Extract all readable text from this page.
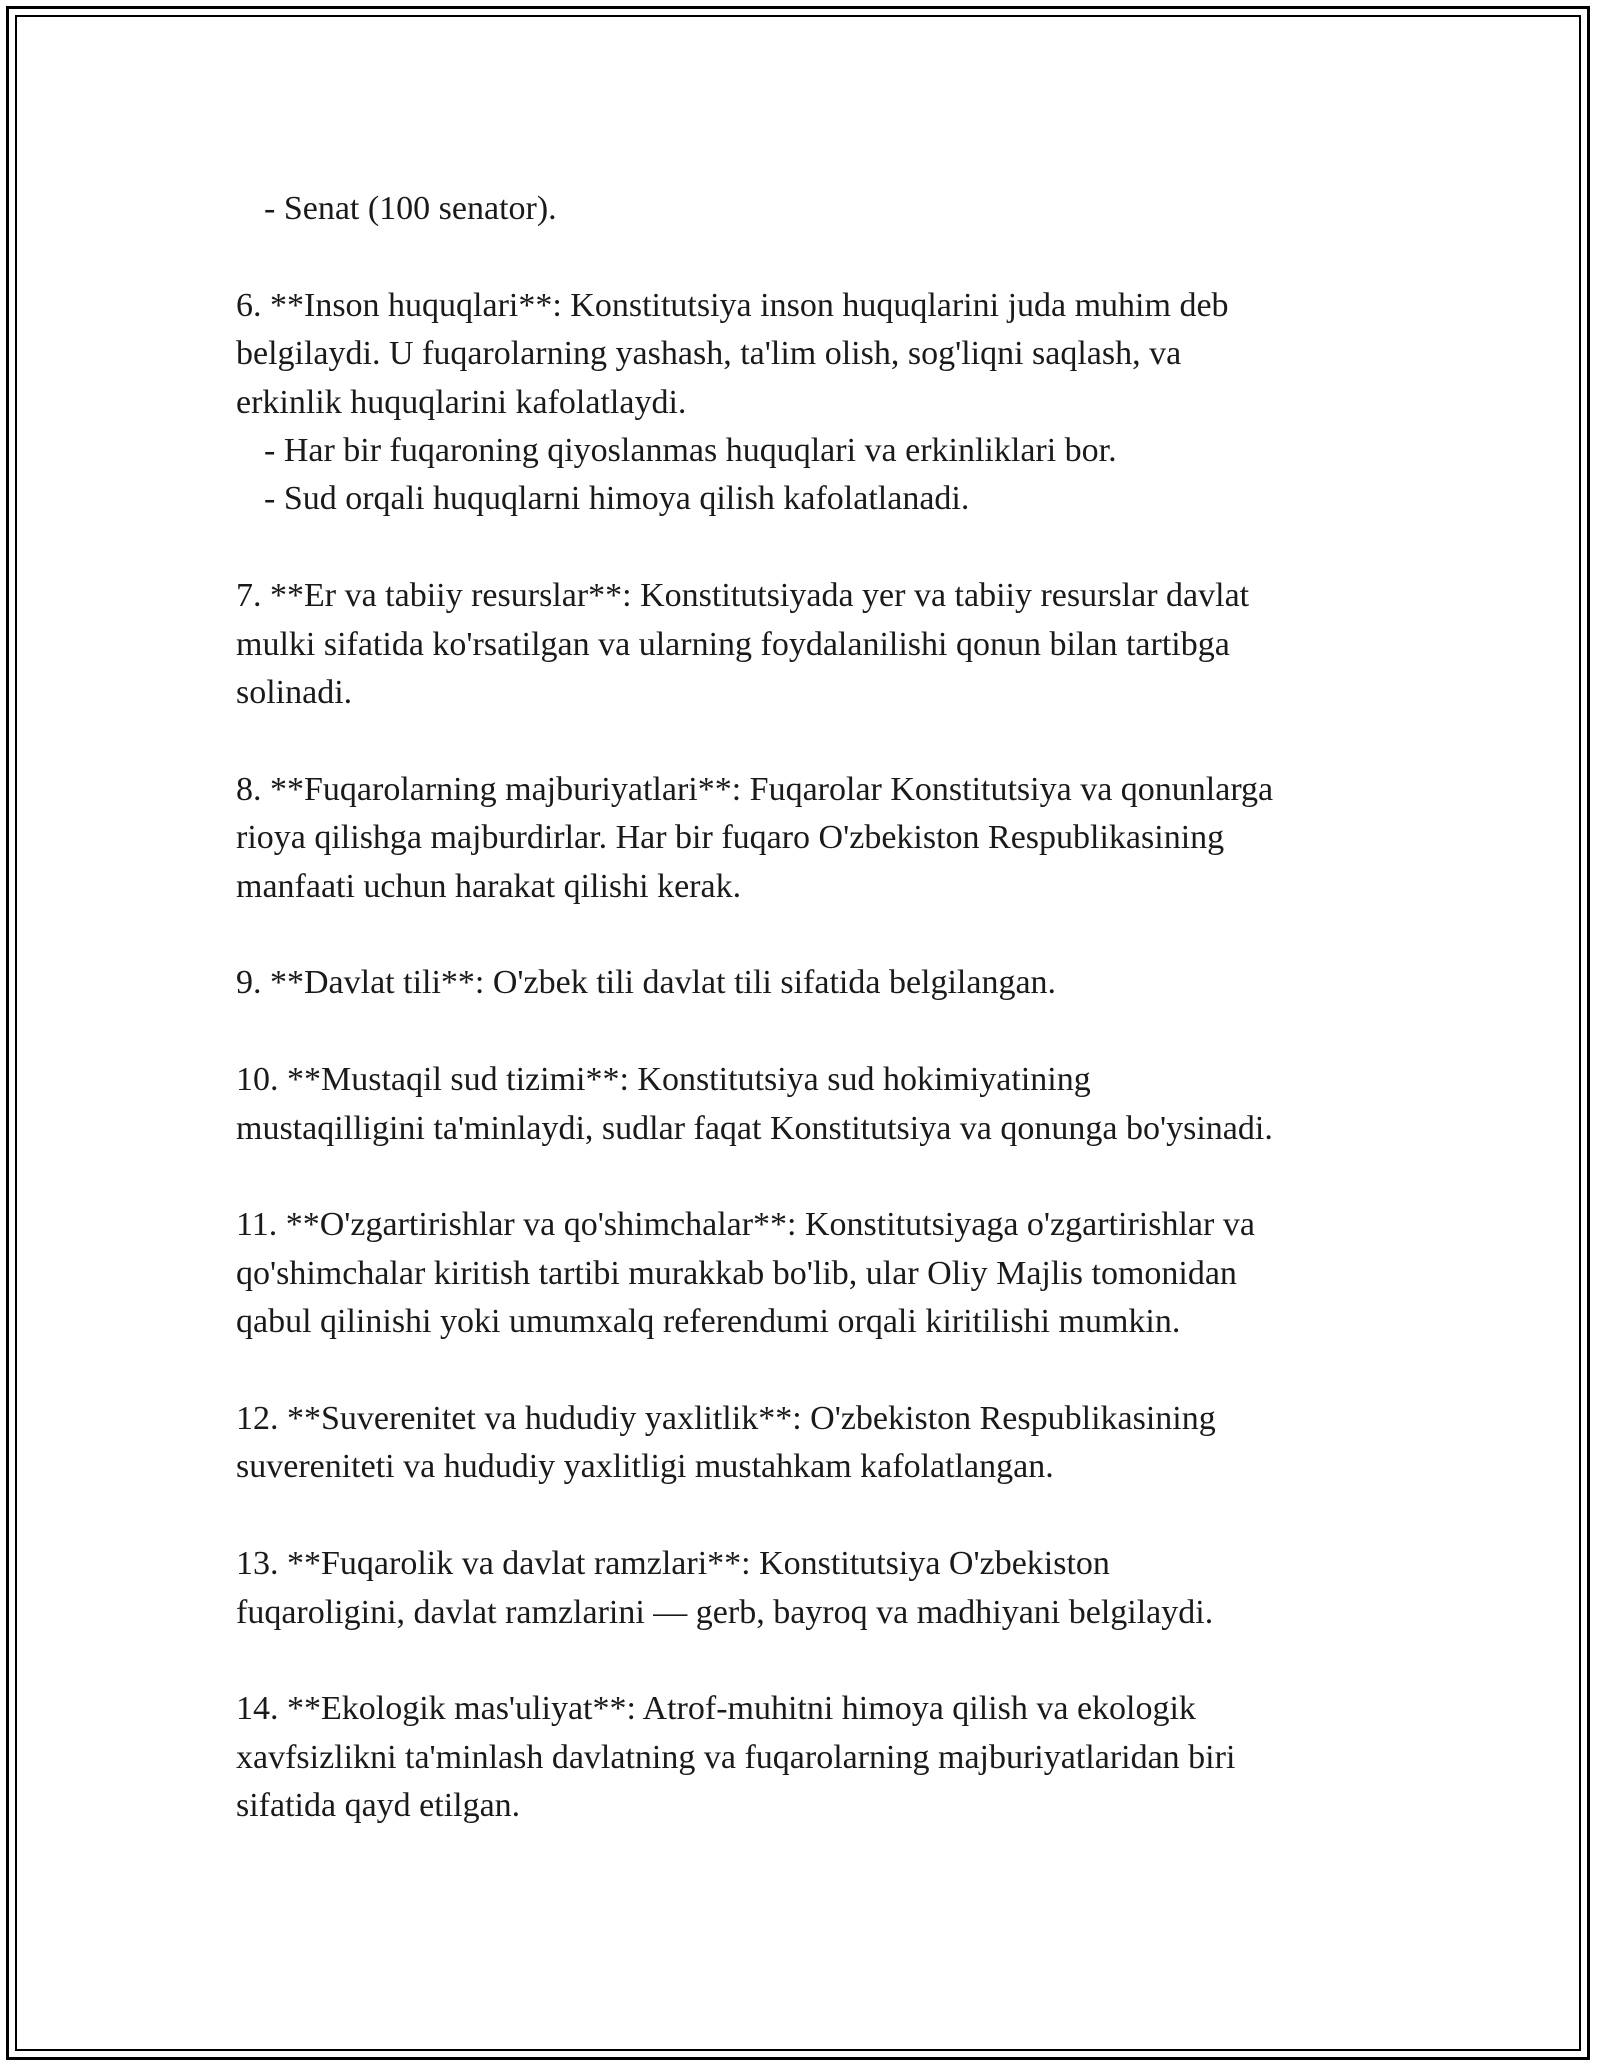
- Senat (100 senator).

6. **Inson huquqlari**: Konstitutsiya inson huquqlarini juda muhim deb
belgilaydi. U fuqarolarning yashash, ta'lim olish, sog'liqni saqlash, va
erkinlik huquqlarini kafolatlaydi.
- Har bir fuqaroning qiyoslanmas huquqlari va erkinliklari bor.
- Sud orqali huquqlarni himoya qilish kafolatlanadi.

7. **Er va tabiiy resurslar**: Konstitutsiyada yer va tabiiy resurslar davlat
mulki sifatida ko'rsatilgan va ularning foydalanilishi qonun bilan tartibga
solinadi.

8. **Fuqarolarning majburiyatlari**: Fuqarolar Konstitutsiya va qonunlarga
rioya qilishga majburdirlar. Har bir fuqaro O'zbekiston Respublikasining
manfaati uchun harakat qilishi kerak.

9. **Davlat tili**: O'zbek tili davlat tili sifatida belgilangan.

10. **Mustaqil sud tizimi**: Konstitutsiya sud hokimiyatining
mustaqilligini ta'minlaydi, sudlar faqat Konstitutsiya va qonunga bo'ysinadi.

11. **O'zgartirishlar va qo'shimchalar**: Konstitutsiyaga o'zgartirishlar va
qo'shimchalar kiritish tartibi murakkab bo'lib, ular Oliy Majlis tomonidan
qabul qilinishi yoki umumxalq referendumi orqali kiritilishi mumkin.

12. **Suverenitet va hududiy yaxlitlik**: O'zbekiston Respublikasining
suvereniteti va hududiy yaxlitligi mustahkam kafolatlangan.

13. **Fuqarolik va davlat ramzlari**: Konstitutsiya O'zbekiston
fuqaroligini, davlat ramzlarini — gerb, bayroq va madhiyani belgilaydi.

14. **Ekologik mas'uliyat**: Atrof-muhitni himoya qilish va ekologik
xavfsizlikni ta'minlash davlatning va fuqarolarning majburiyatlaridan biri
sifatida qayd etilgan.
